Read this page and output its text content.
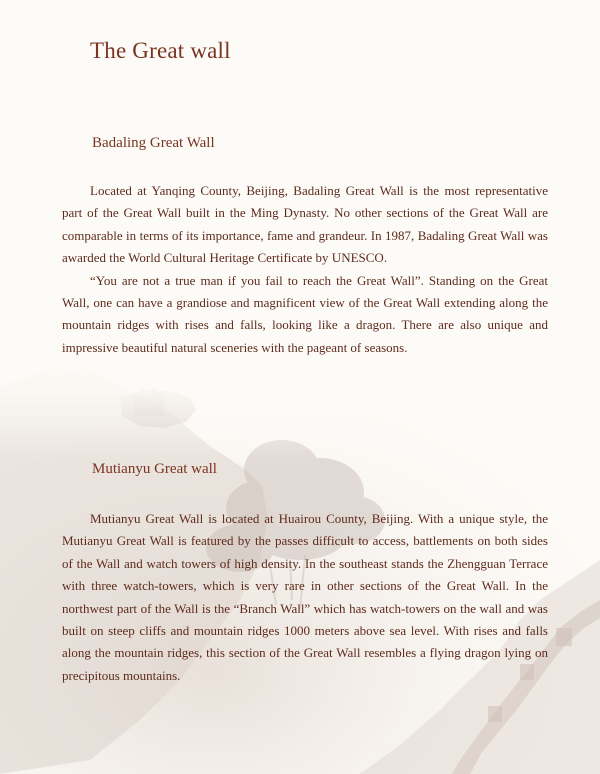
The Great wall
Badaling Great Wall

Located at Yanqing County, Beijing, Badaling Great Wall is the most representative part of the Great Wall built in the Ming Dynasty. No other sections of the Great Wall are comparable in terms of its importance, fame and grandeur. In 1987, Badaling Great Wall was awarded the World Cultural Heritage Certificate by UNESCO.

“You are not a true man if you fail to reach the Great Wall”. Standing on the Great Wall, one can have a grandiose and magnificent view of the Great Wall extending along the mountain ridges with rises and falls, looking like a dragon. There are also unique and impressive beautiful natural sceneries with the pageant of seasons.

Mutianyu Great wall

Mutianyu Great Wall is located at Huairou County, Beijing. With a unique style, the Mutianyu Great Wall is featured by the passes difficult to access, battlements on both sides of the Wall and watch towers of high density. In the southeast stands the Zhengguan Terrace with three watch-towers, which is very rare in other sections of the Great Wall. In the northwest part of the Wall is the “Branch Wall” which has watch-towers on the wall and was built on steep cliffs and mountain ridges 1000 meters above sea level. With rises and falls along the mountain ridges, this section of the Great Wall resembles a flying dragon lying on precipitous mountains.
